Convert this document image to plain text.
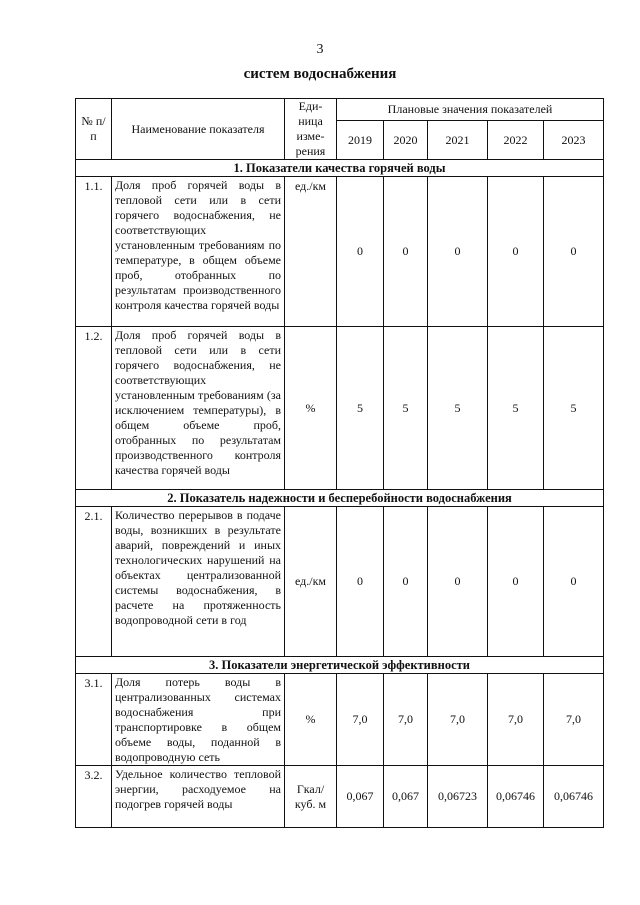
3
систем водоснабжения
№ п/п	Наименование показателя	Еди- ница изме- рения	Плановые значения показателей				
			2019	2020	2021	2022	2023
1. Показатели качества горячей воды							
1.1.	Доля проб горячей воды в тепловой сети или в сети горячего водоснабжения, не соответствующих установленным требованиям по температуре, в общем объеме проб, отобранных по результатам производственного контроля качества горячей воды	ед./км	0	0	0	0	0
1.2.	Доля проб горячей воды в тепловой сети или в сети горячего водоснабжения, не соответствующих установленным требованиям (за исключением температуры), в общем объеме проб, отобранных по результатам производственного контроля качества горячей воды	%	5	5	5	5	5
2. Показатель надежности и бесперебойности водоснабжения							
2.1.	Количество перерывов в подаче воды, возникших в результате аварий, повреждений и иных технологических нарушений на объектах централизованной системы водоснабжения, в расчете на протяженность водопроводной сети в год	ед./км	0	0	0	0	0
3. Показатели энергетической эффективности							
3.1.	Доля потерь воды в централизованных системах водоснабжения при транспортировке в общем объеме воды, поданной в водопроводную сеть	%	7,0	7,0	7,0	7,0	7,0
3.2.	Удельное количество тепловой энергии, расходуемое на подогрев горячей воды	Гкал/ куб. м	0,067	0,067	0,06723	0,06746	0,06746
